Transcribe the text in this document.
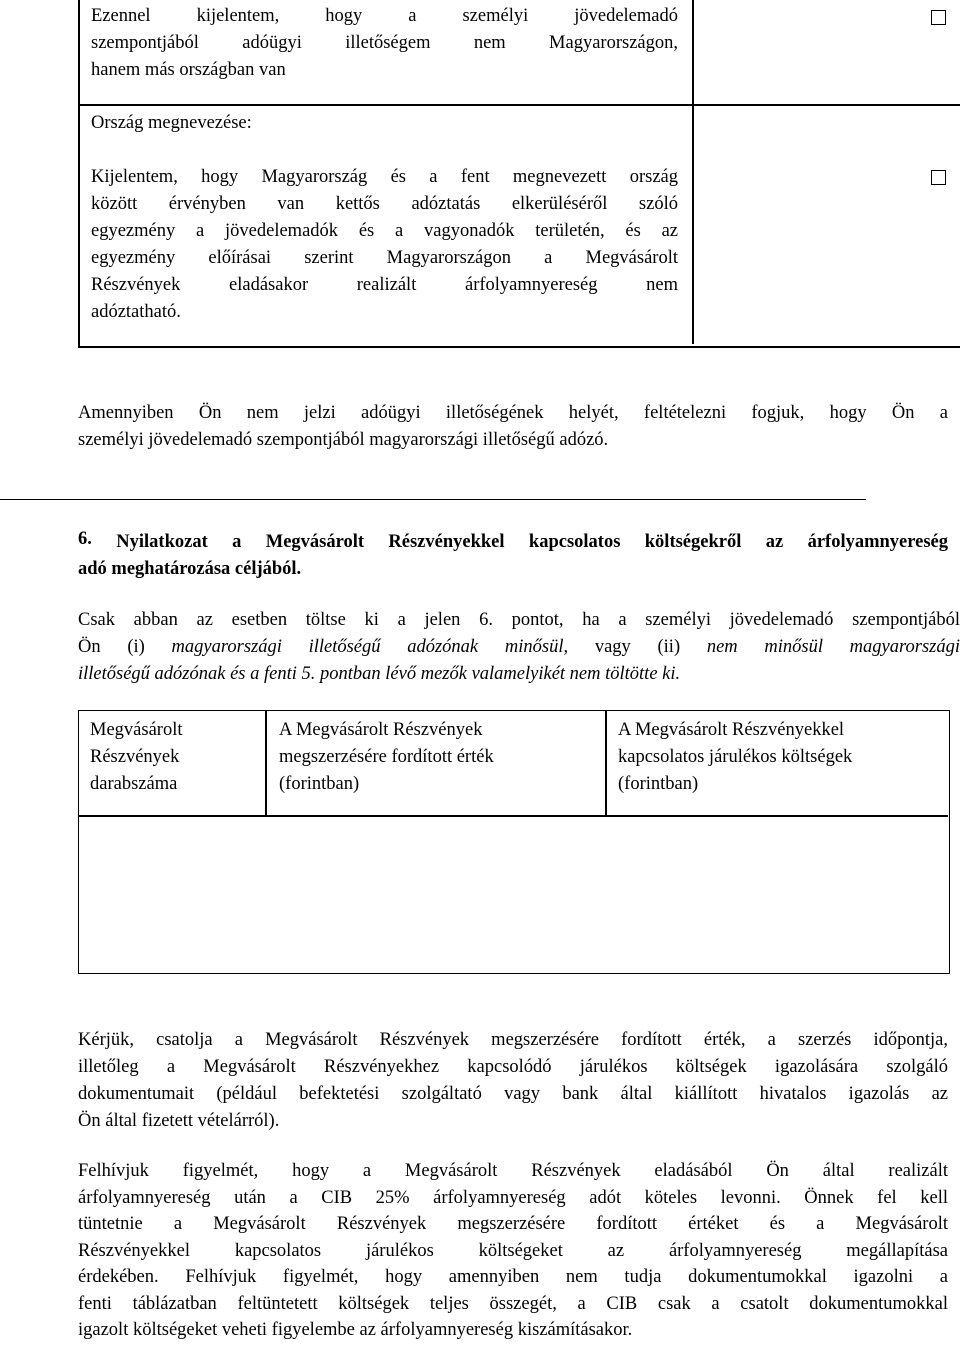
Ezennel kijelentem, hogy a személyi jövedelemadó
szempontjából adóügyi illetőségem nem Magyarországon,
hanem más országban van
Ország megnevezése:
Kijelentem, hogy Magyarország és a fent megnevezett ország
között érvényben van kettős adóztatás elkerüléséről szóló
egyezmény a jövedelemadók és a vagyonadók területén, és az
egyezmény előírásai szerint Magyarországon a Megvásárolt
Részvények eladásakor realizált árfolyamnyereség nem
adóztatható.
Amennyiben Ön nem jelzi adóügyi illetőségének helyét, feltételezni fogjuk, hogy Ön a
személyi jövedelemadó szempontjából magyarországi illetőségű adózó.
6.	Nyilatkozat a Megvásárolt Részvényekkel kapcsolatos költségekről az árfolyamnyereség
adó meghatározása céljából.
Csak abban az esetben töltse ki a jelen 6. pontot, ha a személyi jövedelemadó szempontjából
Ön (i) magyarországi illetőségű adózónak minősül, vagy (ii) nem minősül magyarországi
illetőségű adózónak és a fenti 5. pontban lévő mezők valamelyikét nem töltötte ki.
Megvásárolt
Részvények
darabszáma
A Megvásárolt Részvények
megszerzésére fordított érték
(forintban)
A Megvásárolt Részvényekkel
kapcsolatos járulékos költségek
(forintban)
Kérjük, csatolja a Megvásárolt Részvények megszerzésére fordított érték, a szerzés időpontja,
illetőleg a Megvásárolt Részvényekhez kapcsolódó járulékos költségek igazolására szolgáló
dokumentumait (például befektetési szolgáltató vagy bank által kiállított hivatalos igazolás az
Ön által fizetett vételárról).
Felhívjuk figyelmét, hogy a Megvásárolt Részvények eladásából Ön által realizált
árfolyamnyereség után a CIB 25% árfolyamnyereség adót köteles levonni. Önnek fel kell
tüntetnie a Megvásárolt Részvények megszerzésére fordított értéket és a Megvásárolt
Részvényekkel kapcsolatos járulékos költségeket az árfolyamnyereség megállapítása
érdekében. Felhívjuk figyelmét, hogy amennyiben nem tudja dokumentumokkal igazolni a
fenti táblázatban feltüntetett költségek teljes összegét, a CIB csak a csatolt dokumentumokkal
igazolt költségeket veheti figyelembe az árfolyamnyereség kiszámításakor.
